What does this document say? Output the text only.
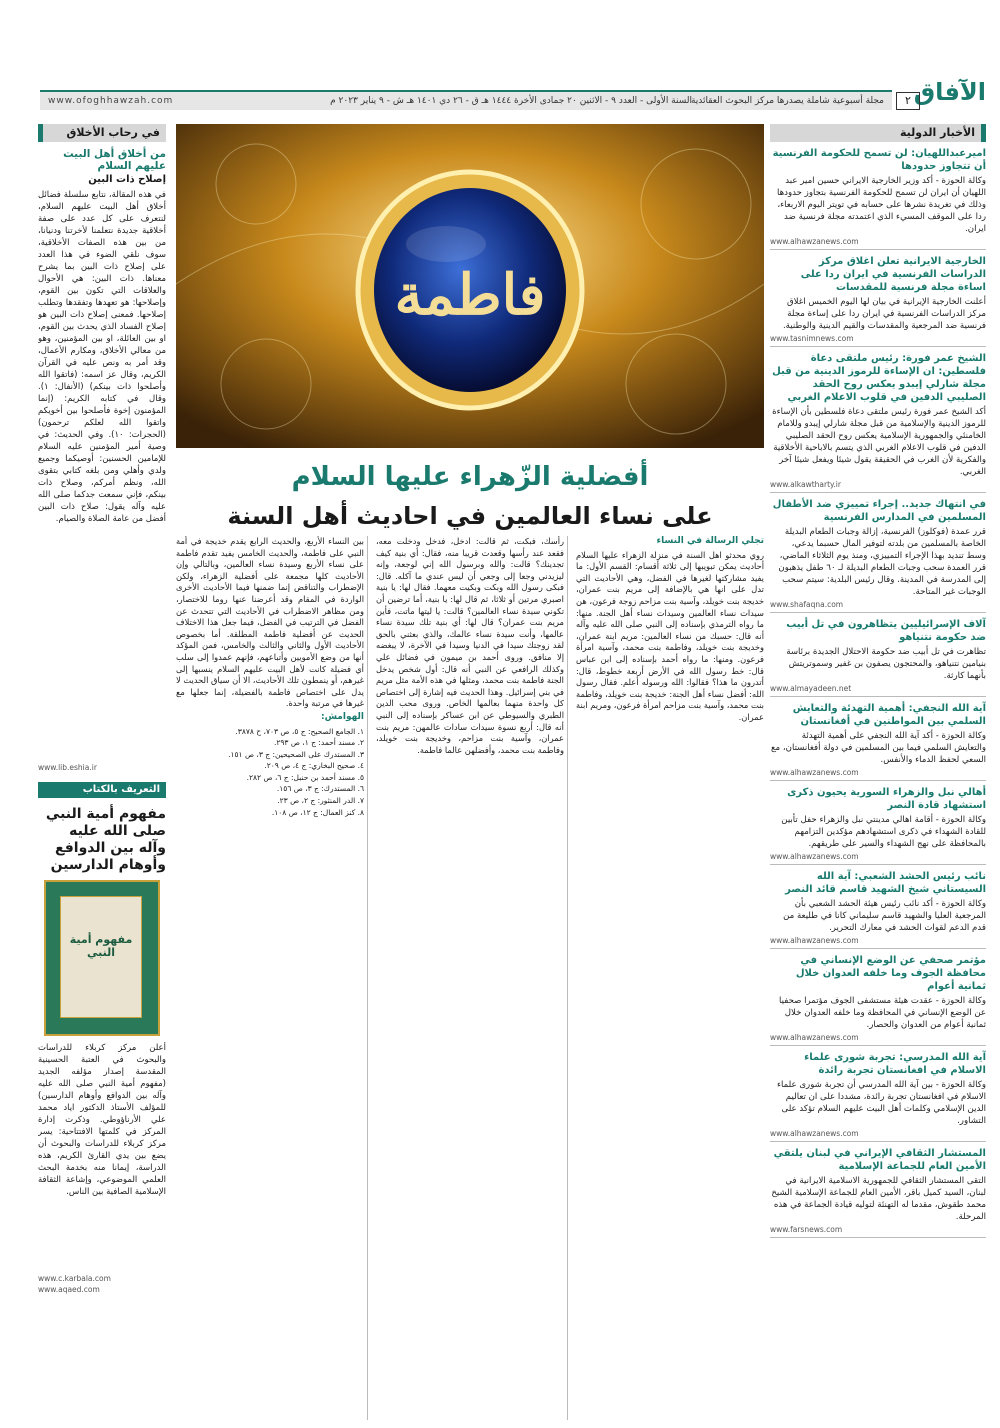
الآفاق
٢
مجلة أسبوعية شاملة يصدرها مركز البحوث العقائدية
السنة الأولى - العدد ٩ - الاثنين ٢٠ جمادى الأخرة ١٤٤٤ هـ ق - ٢٦ دي ١٤٠١ هـ ش - ٩ يناير ٢٠٢٣ م
www.ofoghhawzah.com
الأخبار الدولية

امیرعبداللهیان: لن تسمح للحکومة الفرنسية أن تتجاوز حدودها

وكالة الحوزة - أكد وزير الخارجية الايراني حسين امير عبد اللهيان أن ايران لن تسمح للحكومة الفرنسية بتجاوز حدودها وذلك في تغريدة نشرها على حسابه في تويتر اليوم الاربعاء، ردا على الموقف المسيء الذي اعتمدته مجلة فرنسية ضد ايران.

www.alhawzanews.com

الخارجية الايرانية تعلن اغلاق مركز الدراسات الفرنسية في ايران ردا على اساءة مجلة فرنسية للمقدسات

أعلنت الخارجية الإيرانية في بيان لها اليوم الخميس اغلاق مركز الدراسات الفرنسية في ايران ردا على إساءة مجلة فرنسية ضد المرجعية والمقدسات والقيم الدينية والوطنية.

www.tasnimnews.com

الشيخ عمر فورة: رئيس ملتقى دعاة فلسطين: ان الإساءة للرموز الدينية من قبل مجلة شارلي إيبدو يعكس روح الحقد الصليبي الدفين في قلوب الاعلام الغربي

أكد الشيخ عمر فورة رئيس ملتقى دعاة فلسطين بأن الإساءة للرموز الدينية والإسلامية من قبل مجلة شارلي إيبدو وللامام الخامنئي والجمهورية الإسلامية يعكس روح الحقد الصليبي الدفين في قلوب الاعلام الغربي الذي يتسم بالاباحية الأخلاقية والفكرية لأن الغرب في الحقيقة يقول شيئا ويفعل شيئا آخر الغربي.

www.alkawtharty.ir

في انتهاك جديد.. إجراء تمييزي ضد الأطفال المسلمين في المدارس الفرنسية

قرر عمدة (فوكلوز) الفرنسية، إزالة وجبات الطعام البديلة الخاصة بالمسلمين من بلدته لتوفير المال حسبما يدعي، وسط تنديد بهذا الإجراء التمييزي، ومنذ يوم الثلاثاء الماضي، قرر العمدة سحب وجبات الطعام البديلة لـ ٦٠ طفل يذهبون إلى المدرسة في المدينة. وقال رئيس البلدية: سيتم سحب الوجبات غير المتاحة.

www.shafaqna.com

آلاف الإسرائيليين يتظاهرون في تل أبيب ضد حكومة نتنياهو

تظاهرت في تل أبيب ضد حكومة الاحتلال الجديدة برئاسة بنيامين نتنياهو، والمحتجون يصفون بن غفير وسموتريتش بأنهما كارثة.

www.almayadeen.net

آية الله النجفي: أهمية التهدئة والتعايش السلمي بين المواطنين في أفغانستان

وكالة الحوزة - أكد آية الله النجفي على أهمية التهدئة والتعايش السلمي فيما بين المسلمين في دولة أفغانستان، مع السعي لحفظ الدماء والأنفس.

www.alhawzanews.com

أهالي نبل والزهراء السورية يحيون ذكرى استشهاد قادة النصر

وكالة الحوزة - أقامة اهالي مدينتي نبل والزهراء حفل تأبين للقادة الشهداء في ذكرى استشهادهم مؤكدين التزامهم بالمحافظة على نهج الشهداء والسير على طريقهم.

www.alhawzanews.com

نائب رئيس الحشد الشعبي: آية الله السيستاني شيخ الشهيد قاسم قائد النصر

وكالة الحوزة - أكد نائب رئيس هيئة الحشد الشعبي بأن المرجعية العليا والشهيد قاسم سليماني كانا في طليعة من قدم الدعم لقوات الحشد في معارك التحرير.

www.alhawzanews.com

مؤتمر صحفي عن الوضع الإنساني في محافظة الجوف وما خلفه العدوان خلال ثمانية أعوام

وكالة الحوزة - عقدت هيئة مستشفى الجوف مؤتمرا صحفيا عن الوضع الإنساني في المحافظة وما خلفه العدوان خلال ثمانية أعوام من العدوان والحصار.

www.alhawzanews.com

آية الله المدرسي: تجربة شورى علماء الاسلام في افغانستان تجربة رائدة

وكالة الحوزة - بين آية الله المدرسي أن تجربة شورى علماء الاسلام في افغانستان تجربة رائدة، مشددا على ان تعاليم الدين الإسلامي وكلمات أهل البيت عليهم السلام تؤكد على التشاور.

www.alhawzanews.com

المستشار الثقافي الإيراني في لبنان يلتقي الأمين العام للجماعة الإسلامية

التقى المستشار الثقافي للجمهورية الاسلامية الايرانية في لبنان، السيد كميل باقر، الأمين العام للجماعة الإسلامية الشيخ محمد طقوش، مقدما له التهنئة لتوليه قيادة الجماعة في هذه المرحلة.

www.farsnews.com
فاطمة
أفضلية الزّهراء عليها السلام
على نساء العالمين في احاديث أهل السنة

تجلي الرسالة في النساء

روي محدثو اهل السنة في منزلة الزهراء عليها السلام أحاديث يمكن تبويبها إلى ثلاثة أقسام: القسم الأول: ما يفيد مشاركتها لغيرها في الفضل، وهي الأحاديث التي تدل على انها هي بالإضافة إلى مريم بنت عمران، خديجة بنت خويلد، وآسية بنت مزاحم زوجة فرعون، هن سيدات نساء العالمين وسيدات نساء أهل الجنة. منها: ما رواه الترمذي بإسناده إلى النبي صلى الله عليه وآله أنه قال: حسبك من نساء العالمين: مريم ابنة عمران، وخديجة بنت خويلد، وفاطمة بنت محمد، وآسية امرأة فرعون. ومنها: ما رواه أحمد بإسناده إلى ابن عباس قال: خط رسول الله في الأرض أربعة خطوط، قال: أتدرون ما هذا؟ فقالوا: الله ورسوله أعلم. فقال رسول الله: أفضل نساء أهل الجنة: خديجة بنت خويلد، وفاطمة بنت محمد، وآسية بنت مزاحم امرأة فرعون، ومريم ابنة عمران.

رأسك، فبكت، ثم قالت: ادخل، فدخل ودخلت معه، فقعد عند رأسها وقعدت قريبا منه، فقال: أي بنية كيف تجدينك؟ قالت: والله وبرسول الله إني لوجعة، وإنه ليزيدني وجعا إلى وجعي أن ليس عندي ما آكله. قال: فبكى رسول الله وبكت وبكيت معهما. فقال لها: يا بنية اصبري مرتين أو ثلاثا، ثم قال لها: يا بنية، أما ترضين أن تكوني سيدة نساء العالمين؟ قالت: يا ليتها ماتت، فأين مريم بنت عمران؟ قال لها: أي بنية تلك سيدة نساء عالمها، وأنت سيدة نساء عالمك، والذي بعثني بالحق لقد زوجتك سيدا في الدنيا وسيدا في الآخرة، لا يبغضه إلا منافق. وروى أحمد بن ميمون في فضائل علي وكذلك الرافعي عن النبي أنه قال: أول شخص يدخل الجنة فاطمة بنت محمد، ومثلها في هذه الأمة مثل مريم في بني إسرائيل. وهذا الحديث فيه إشارة إلى اختصاص كل واحدة منهما بعالمها الخاص. وروى محب الدين الطبري والسيوطي عن ابن عساكر بإسناده إلى النبي أنه قال: أربع نسوة سيدات سادات عالمهن: مريم بنت عمران، وآسية بنت مزاحم، وخديجة بنت خويلد، وفاطمة بنت محمد، وأفضلهن عالما فاطمة.

بين النساء الأربع، والحديث الرابع يقدم خديجة في أمة النبي على فاطمة، والحديث الخامس يفيد تقدم فاطمة على نساء الأربع وسيدة نساء العالمين، وبالتالي وإن الأحاديث كلها مجمعة على أفضلية الزهراء، ولكن الإضطراب والتناقض إنما ضمنها فيما الأحاديث الأخرى الواردة في المقام وقد أعرضنا عنها روما للاختصار، ومن مظاهر الاضطراب في الأحاديث التي تتحدث عن الفضل في الترتيب في الفضل، فيما جعل هذا الاختلاف الحديث عن أفضلية فاطمة المطلقة. أما بخصوص الأحاديث الأول والثاني والثالث والخامس، فمن المؤكد أنها من وضع الأمويين وأتباعهم، فإنهم عمدوا إلى سلب أي فضيلة كانت لأهل البيت عليهم السلام ينسبها إلى غيرهم، أو ينمطون تلك الأحاديث، الا أن سياق الحديث لا يدل على اختصاص فاطمة بالفضيلة، إنما جعلها مع غيرها في مرتبة واحدة.

الهوامش:

١. الجامع الصحيح: ج ٥، ص ٧٠٣، ح ٣٨٧٨.

٢. مسند أحمد: ج ١، ص ٢٩٣.

٣. المستدرك على الصحيحين: ج ٣، ص ١٥١.

٤. صحيح البخاري: ج ٤، ص ٢٠٩.

٥. مسند أحمد بن حنبل: ج ٦، ص ٢٨٢.

٦. المستدرك: ج ٣، ص ١٥٦.

٧. الدر المنثور: ج ٢، ص ٢٣.

٨. كنز العمال: ج ١٢، ص ١٠٨.

في رحاب الأخلاق
من أخلاق أهل البيت عليهم السلام
إصلاح ذات البين
في هذه المقالة، نتابع سلسلة فضائل أخلاق أهل البيت عليهم السلام، لنتعرف على كل عدد على صفة أخلاقية جديدة نتعلمنا لأخرتنا ودنيانا، من بين هذه الصفات الأخلاقية، سوف نلقي الضوء في هذا العدد على إصلاح ذات البين بما يشرح معناها. ذات البين: هي الأحوال والعلاقات التي تكون بين القوم، وإصلاحها: هو تعهدها وتفقدها وتطلب إصلاحها. فمعنى إصلاح ذات البين هو إصلاح الفساد الذي يحدث بين القوم، او بين العائلة، او بين المؤمنين، وهو من معالي الأخلاق، ومكارم الأعمال، وقد أمر به ونص عليه في القرآن الكريم، وقال عز اسمه: (فاتقوا الله وأصلحوا ذات بينكم) (الأنفال: ١). وقال في كتابه الكريم: (إنما المؤمنون إخوة فأصلحوا بين أخويكم واتقوا الله لعلكم ترحمون) (الحجرات: ١٠). وفي الحديث: في وصية أمير المؤمنين عليه السلام للإمامين الحسنين: أوصيكما وجميع ولدي وأهلي ومن بلغه كتابي بتقوى الله، ونظم أمركم، وصلاح ذات بينكم، فإني سمعت جدكما صلى الله عليه وآله يقول: صلاح ذات البين أفضل من عامة الصلاة والصيام.
www.lib.eshia.ir
التعريف بالكتاب
مفهوم أمية النبي صلى الله عليه وآله بين الدوافع وأوهام الدارسين
مفهوم أمية النبي
أعلن مركز كربلاء للدراسات والبحوث في العتبة الحسينية المقدسة إصدار مؤلفه الجديد (مفهوم أمية النبي صلى الله عليه وآله بين الدوافع وأوهام الدارسين) للمؤلف الأستاذ الدكتور اياد محمد علي الأرناؤوطي. وذكرت إدارة المركز في كلمتها الافتتاحية: يسر مركز كربلاء للدراسات والبحوث أن يضع بين يدي القارئ الكريم، هذه الدراسة، إيمانا منه بخدمة البحث العلمي الموضوعي، وإشاعة الثقافة الإسلامية الصافية بين الناس.
www.c.karbala.com
www.aqaed.com
